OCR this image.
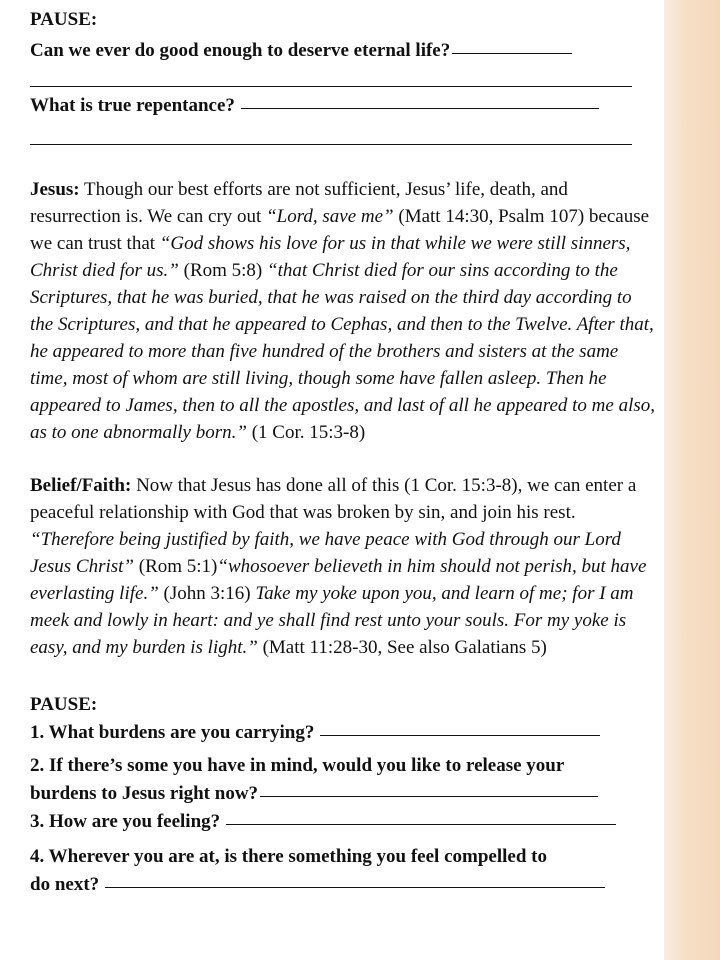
PAUSE:
Can we ever do good enough to deserve eternal life?
What is true repentance?

Jesus: Though our best efforts are not sufficient, Jesus’ life, death, and resurrection is. We can cry out “Lord, save me” (Matt 14:30, Psalm 107) because we can trust that “God shows his love for us in that while we were still sinners, Christ died for us.” (Rom 5:8) “that Christ died for our sins according to the Scriptures, that he was buried, that he was raised on the third day according to the Scriptures, and that he appeared to Cephas, and then to the Twelve. After that, he appeared to more than five hundred of the brothers and sisters at the same time, most of whom are still living, though some have fallen asleep. Then he appeared to James, then to all the apostles, and last of all he appeared to me also, as to one abnormally born.” (1 Cor. 15:3-8)

Belief/Faith: Now that Jesus has done all of this (1 Cor. 15:3-8), we can enter a peaceful relationship with God that was broken by sin, and join his rest. “Therefore being justified by faith, we have peace with God through our Lord Jesus Christ” (Rom 5:1)“whosoever believeth in him should not perish, but have everlasting life.” (John 3:16) Take my yoke upon you, and learn of me; for I am meek and lowly in heart: and ye shall find rest unto your souls. For my yoke is easy, and my burden is light.” (Matt 11:28-30, See also Galatians 5)

PAUSE:
1. What burdens are you carrying?
2. If there’s some you have in mind, would you like to release your
burdens to Jesus right now?
3. How are you feeling?
4. Wherever you are at, is there something you feel compelled to
do next?
